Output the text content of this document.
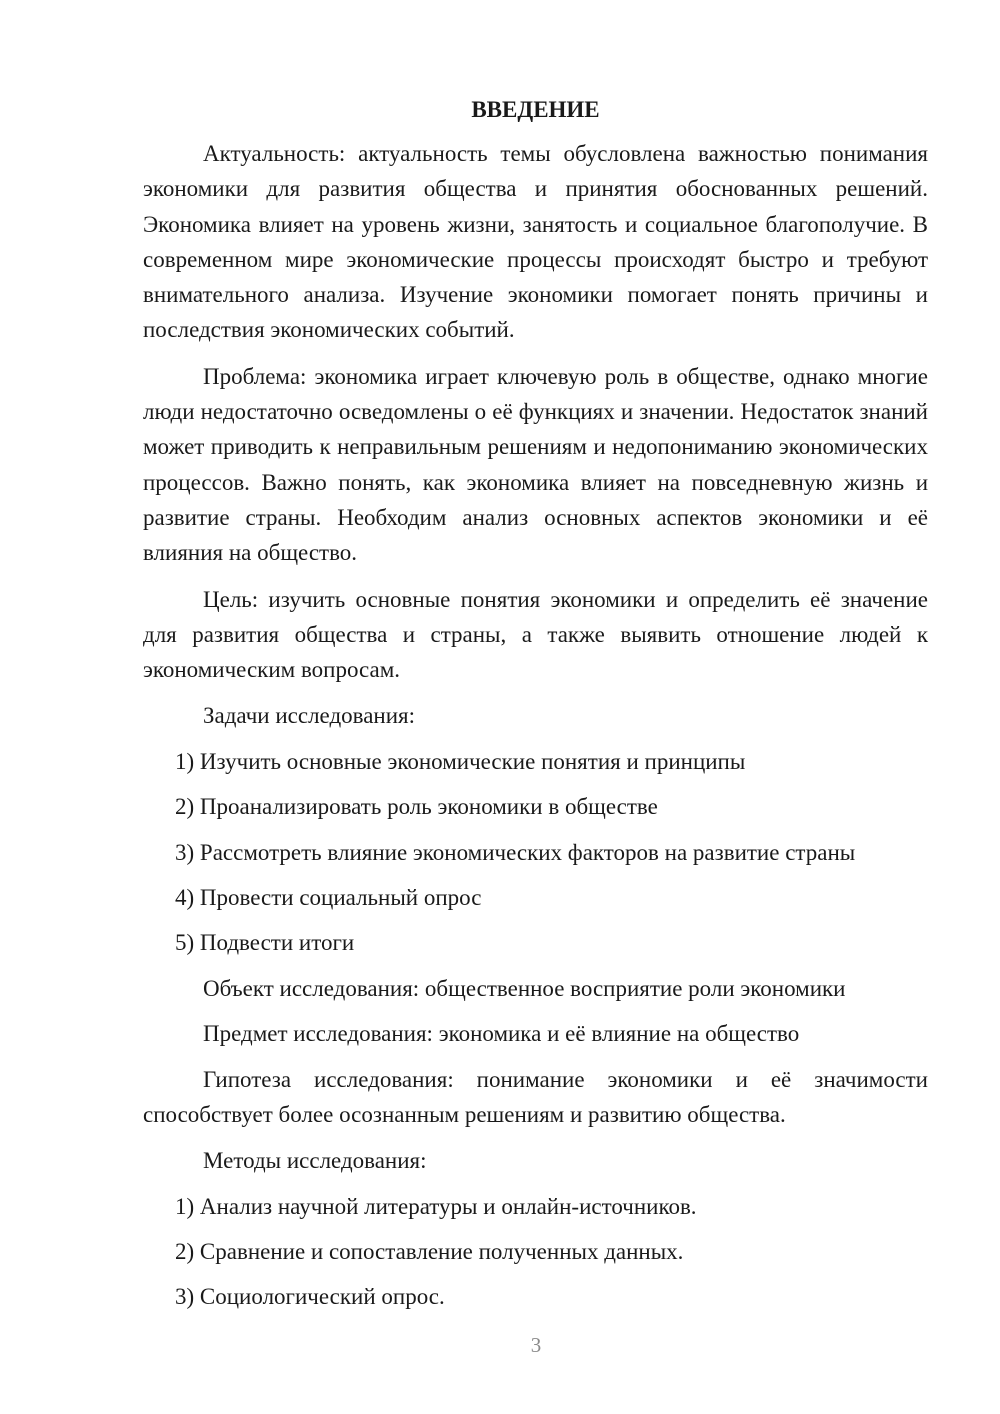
ВВЕДЕНИЕ

Актуальность: актуальность темы обусловлена важностью понимания экономики для развития общества и принятия обоснованных решений. Экономика влияет на уровень жизни, занятость и социальное благополучие. В современном мире экономические процессы происходят быстро и требуют внимательного анализа. Изучение экономики помогает понять причины и последствия экономических событий.

Проблема: экономика играет ключевую роль в обществе, однако многие люди недостаточно осведомлены о её функциях и значении. Недостаток знаний может приводить к неправильным решениям и недопониманию экономических процессов. Важно понять, как экономика влияет на повседневную жизнь и развитие страны. Необходим анализ основных аспектов экономики и её влияния на общество.

Цель: изучить основные понятия экономики и определить её значение для развития общества и страны, а также выявить отношение людей к экономическим вопросам.

Задачи исследования:
1) Изучить основные экономические понятия и принципы
2) Проанализировать роль экономики в обществе
3) Рассмотреть влияние экономических факторов на развитие страны
4) Провести социальный опрос
5) Подвести итоги
Объект исследования: общественное восприятие роли экономики
Предмет исследования: экономика и её влияние на общество

Гипотеза исследования: понимание экономики и её значимости способствует более осознанным решениям и развитию общества.

Методы исследования:
1) Анализ научной литературы и онлайн-источников.
2) Сравнение и сопоставление полученных данных.
3) Социологический опрос.
3
